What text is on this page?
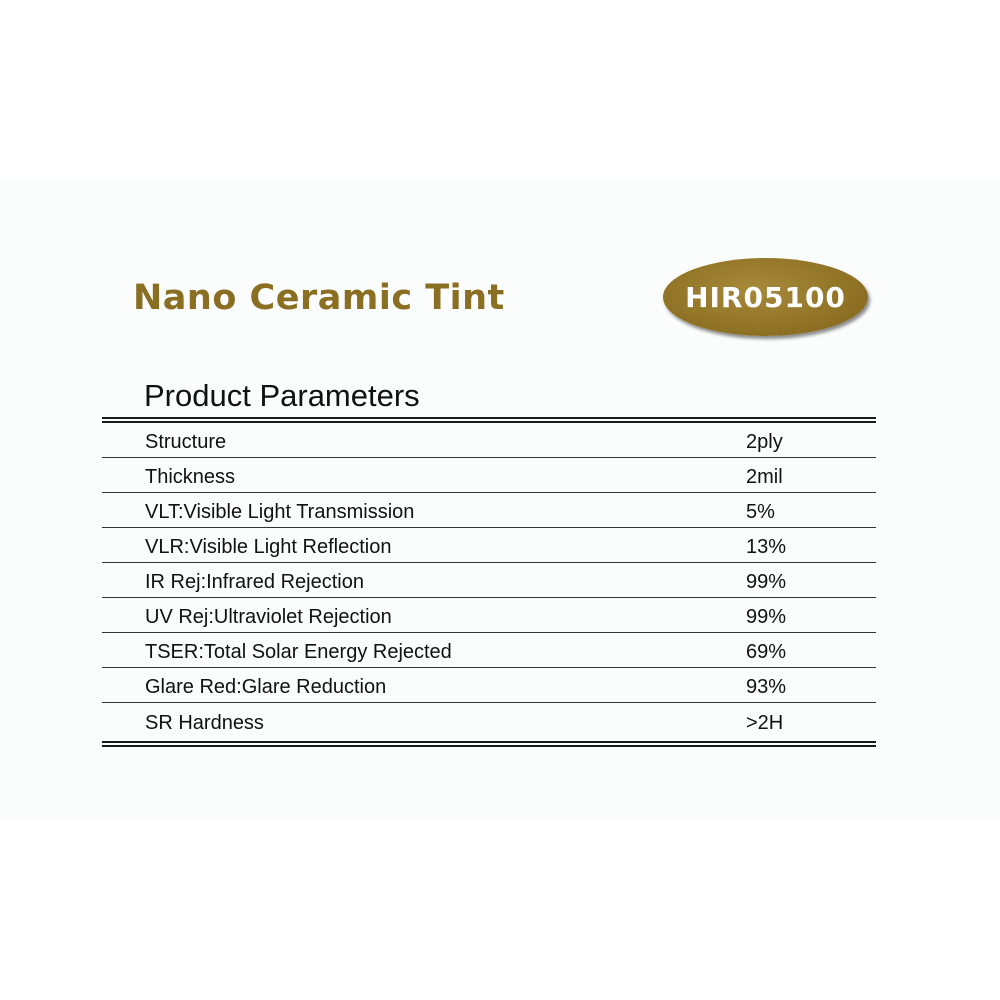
Nano Ceramic Tint	HIR05100
Product Parameters
Structure	2ply
Thickness	2mil
VLT:Visible Light Transmission	5%
VLR:Visible Light Reflection	13%
IR Rej:Infrared Rejection	99%
UV Rej:Ultraviolet Rejection	99%
TSER:Total Solar Energy Rejected	69%
Glare Red:Glare Reduction	93%
SR Hardness	>2H
